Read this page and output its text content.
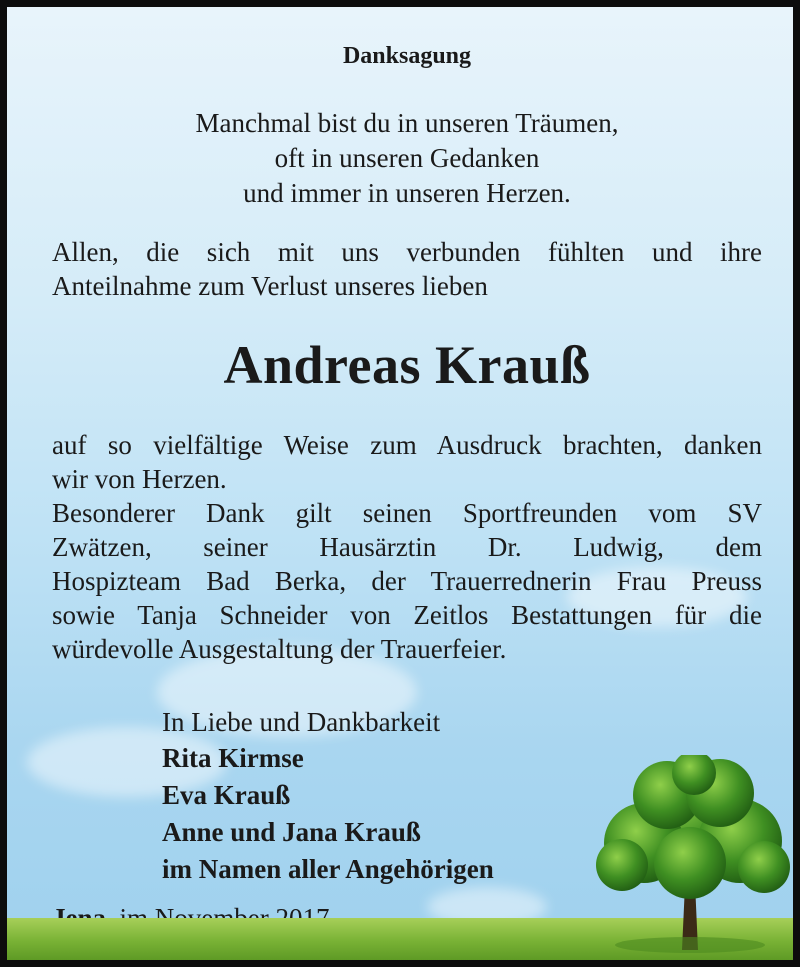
Danksagung
Manchmal bist du in unseren Träumen,
oft in unseren Gedanken
und immer in unseren Herzen.

Allen, die sich mit uns verbunden fühlten und ihre

Anteilnahme zum Verlust unseres lieben

Andreas Krauß

auf so vielfältige Weise zum Ausdruck brachten, danken

wir von Herzen.

Besonderer Dank gilt seinen Sportfreunden vom SV

Zwätzen, seiner Hausärztin Dr. Ludwig, dem

Hospizteam Bad Berka, der Trauerrednerin Frau Preuss

sowie Tanja Schneider von Zeitlos Bestattungen für die

würdevolle Ausgestaltung der Trauerfeier.

In Liebe und Dankbarkeit
Rita Kirmse
Eva Krauß
Anne und Jana Krauß
im Namen aller Angehörigen
